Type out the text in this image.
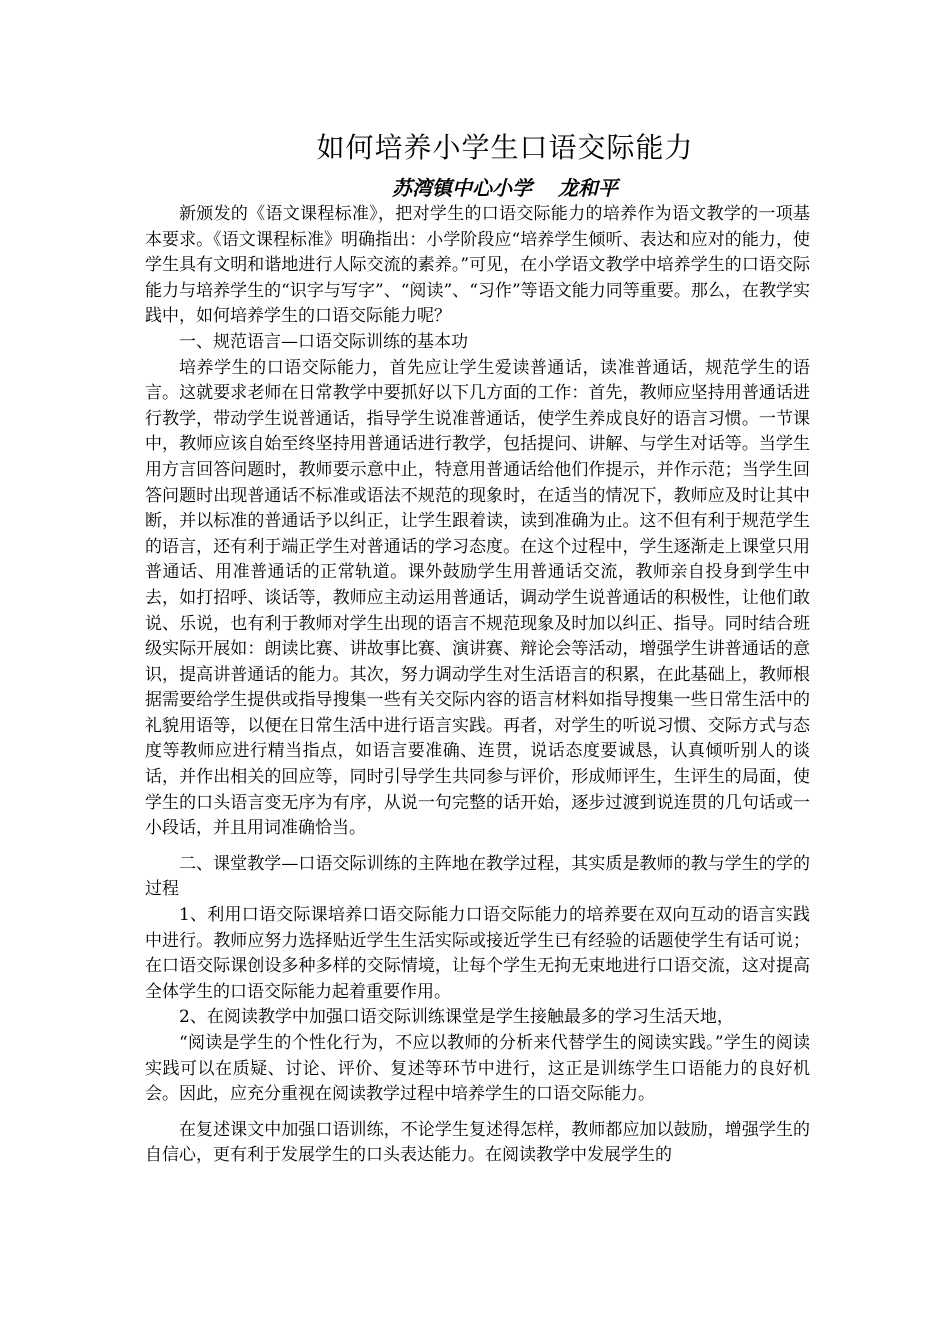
如何培养小学生口语交际能力
苏湾镇中心小学 龙和平

新颁发的《语文课程标准》，把对学生的口语交际能力的培养作为语文教学的一项基本要求。《语文课程标准》明确指出：小学阶段应“培养学生倾听、表达和应对的能力，使学生具有文明和谐地进行人际交流的素养。”可见，在小学语文教学中培养学生的口语交际能力与培养学生的“识字与写字”、“阅读”、“习作”等语文能力同等重要。那么，在教学实践中，如何培养学生的口语交际能力呢？

一、规范语言—口语交际训练的基本功

培养学生的口语交际能力，首先应让学生爱读普通话，读准普通话，规范学生的语言。这就要求老师在日常教学中要抓好以下几方面的工作：首先，教师应坚持用普通话进行教学，带动学生说普通话，指导学生说准普通话，使学生养成良好的语言习惯。一节课中，教师应该自始至终坚持用普通话进行教学，包括提问、讲解、与学生对话等。当学生用方言回答问题时，教师要示意中止，特意用普通话给他们作提示，并作示范；当学生回答问题时出现普通话不标准或语法不规范的现象时，在适当的情况下，教师应及时让其中断，并以标准的普通话予以纠正，让学生跟着读，读到准确为止。这不但有利于规范学生的语言，还有利于端正学生对普通话的学习态度。在这个过程中，学生逐渐走上课堂只用普通话、用准普通话的正常轨道。课外鼓励学生用普通话交流，教师亲自投身到学生中去，如打招呼、谈话等，教师应主动运用普通话，调动学生说普通话的积极性，让他们敢说、乐说，也有利于教师对学生出现的语言不规范现象及时加以纠正、指导。同时结合班级实际开展如：朗读比赛、讲故事比赛、演讲赛、辩论会等活动，增强学生讲普通话的意识，提高讲普通话的能力。其次，努力调动学生对生活语言的积累，在此基础上，教师根据需要给学生提供或指导搜集一些有关交际内容的语言材料如指导搜集一些日常生活中的礼貌用语等，以便在日常生活中进行语言实践。再者，对学生的听说习惯、交际方式与态度等教师应进行精当指点，如语言要准确、连贯，说话态度要诚恳，认真倾听别人的谈话，并作出相关的回应等，同时引导学生共同参与评价，形成师评生，生评生的局面，使学生的口头语言变无序为有序，从说一句完整的话开始，逐步过渡到说连贯的几句话或一小段话，并且用词准确恰当。

二、课堂教学—口语交际训练的主阵地在教学过程，其实质是教师的教与学生的学的过程

1、利用口语交际课培养口语交际能力口语交际能力的培养要在双向互动的语言实践中进行。教师应努力选择贴近学生生活实际或接近学生已有经验的话题使学生有话可说；在口语交际课创设多种多样的交际情境，让每个学生无拘无束地进行口语交流，这对提高全体学生的口语交际能力起着重要作用。

2、在阅读教学中加强口语交际训练课堂是学生接触最多的学习生活天地，

“阅读是学生的个性化行为，不应以教师的分析来代替学生的阅读实践。”学生的阅读实践可以在质疑、讨论、评价、复述等环节中进行，这正是训练学生口语能力的良好机会。因此，应充分重视在阅读教学过程中培养学生的口语交际能力。

在复述课文中加强口语训练，不论学生复述得怎样，教师都应加以鼓励，增强学生的自信心，更有利于发展学生的口头表达能力。在阅读教学中发展学生的
